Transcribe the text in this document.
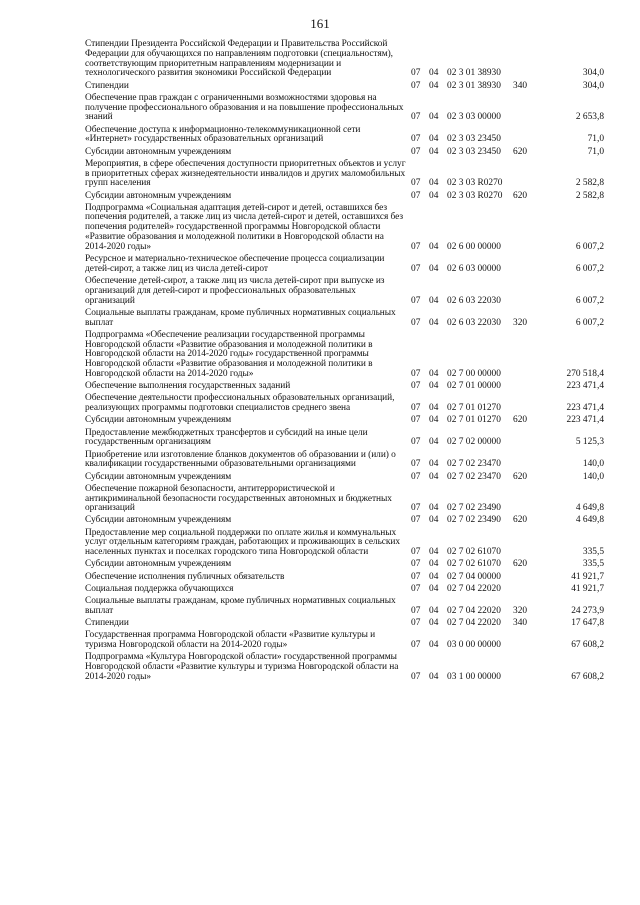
161
Стипендии Президента Российской Федерации и Правительства Российской Федерации для обучающихся по направлениям подготовки (специальностям), соответствующим приоритетным направлениям модернизации и технологического развития экономики Российской Федерации	07	04	02 3 01 38930		304,0
Стипендии	07	04	02 3 01 38930	340	304,0
Обеспечение прав граждан с ограниченными возможностями здоровья на получение профессионального образования и на повышение профессиональных знаний	07	04	02 3 03 00000		2 653,8
Обеспечение доступа к информационно-телекоммуникационной сети «Интернет» государственных образовательных организаций	07	04	02 3 03 23450		71,0
Субсидии автономным учреждениям	07	04	02 3 03 23450	620	71,0
Мероприятия, в сфере обеспечения доступности приоритетных объектов и услуг в приоритетных сферах жизнедеятельности инвалидов и других маломобильных групп населения	07	04	02 3 03 R0270		2 582,8
Субсидии автономным учреждениям	07	04	02 3 03 R0270	620	2 582,8
Подпрограмма «Социальная адаптация детей-сирот и детей, оставшихся без попечения родителей, а также лиц из числа детей-сирот и детей, оставшихся без попечения родителей» государственной программы Новгородской области «Развитие образования и молодежной политики в Новгородской области на 2014-2020 годы»	07	04	02 6 00 00000		6 007,2
Ресурсное и материально-техническое обеспечение процесса социализации детей-сирот, а также лиц из числа детей-сирот	07	04	02 6 03 00000		6 007,2
Обеспечение детей-сирот, а также лиц из числа детей-сирот при выпуске из организаций для детей-сирот и профессиональных образовательных организаций	07	04	02 6 03 22030		6 007,2
Социальные выплаты гражданам, кроме публичных нормативных социальных выплат	07	04	02 6 03 22030	320	6 007,2
Подпрограмма «Обеспечение реализации государственной программы Новгородской области «Развитие образования и молодежной политики в Новгородской области на 2014-2020 годы» государственной программы Новгородской области «Развитие образования и молодежной политики в Новгородской области на 2014-2020 годы»	07	04	02 7 00 00000		270 518,4
Обеспечение выполнения государственных заданий	07	04	02 7 01 00000		223 471,4
Обеспечение деятельности профессиональных образовательных организаций, реализующих программы подготовки специалистов среднего звена	07	04	02 7 01 01270		223 471,4
Субсидии автономным учреждениям	07	04	02 7 01 01270	620	223 471,4
Предоставление межбюджетных трансфертов и субсидий на иные цели государственным организациям	07	04	02 7 02 00000		5 125,3
Приобретение или изготовление бланков документов об образовании и (или) о квалификации государственными образовательными организациями	07	04	02 7 02 23470		140,0
Субсидии автономным учреждениям	07	04	02 7 02 23470	620	140,0
Обеспечение пожарной безопасности, антитеррористической и антикриминальной безопасности государственных автономных и бюджетных организаций	07	04	02 7 02 23490		4 649,8
Субсидии автономным учреждениям	07	04	02 7 02 23490	620	4 649,8
Предоставление мер социальной поддержки по оплате жилья и коммунальных услуг отдельным категориям граждан, работающих и проживающих в сельских населенных пунктах и поселках городского типа Новгородской области	07	04	02 7 02 61070		335,5
Субсидии автономным учреждениям	07	04	02 7 02 61070	620	335,5
Обеспечение исполнения публичных обязательств	07	04	02 7 04 00000		41 921,7
Социальная поддержка обучающихся	07	04	02 7 04 22020		41 921,7
Социальные выплаты гражданам, кроме публичных нормативных социальных выплат	07	04	02 7 04 22020	320	24 273,9
Стипендии	07	04	02 7 04 22020	340	17 647,8
Государственная программа Новгородской области «Развитие культуры и туризма Новгородской области на 2014-2020 годы»	07	04	03 0 00 00000		67 608,2
Подпрограмма «Культура Новгородской области» государственной программы Новгородской области «Развитие культуры и туризма Новгородской области на 2014-2020 годы»	07	04	03 1 00 00000		67 608,2
